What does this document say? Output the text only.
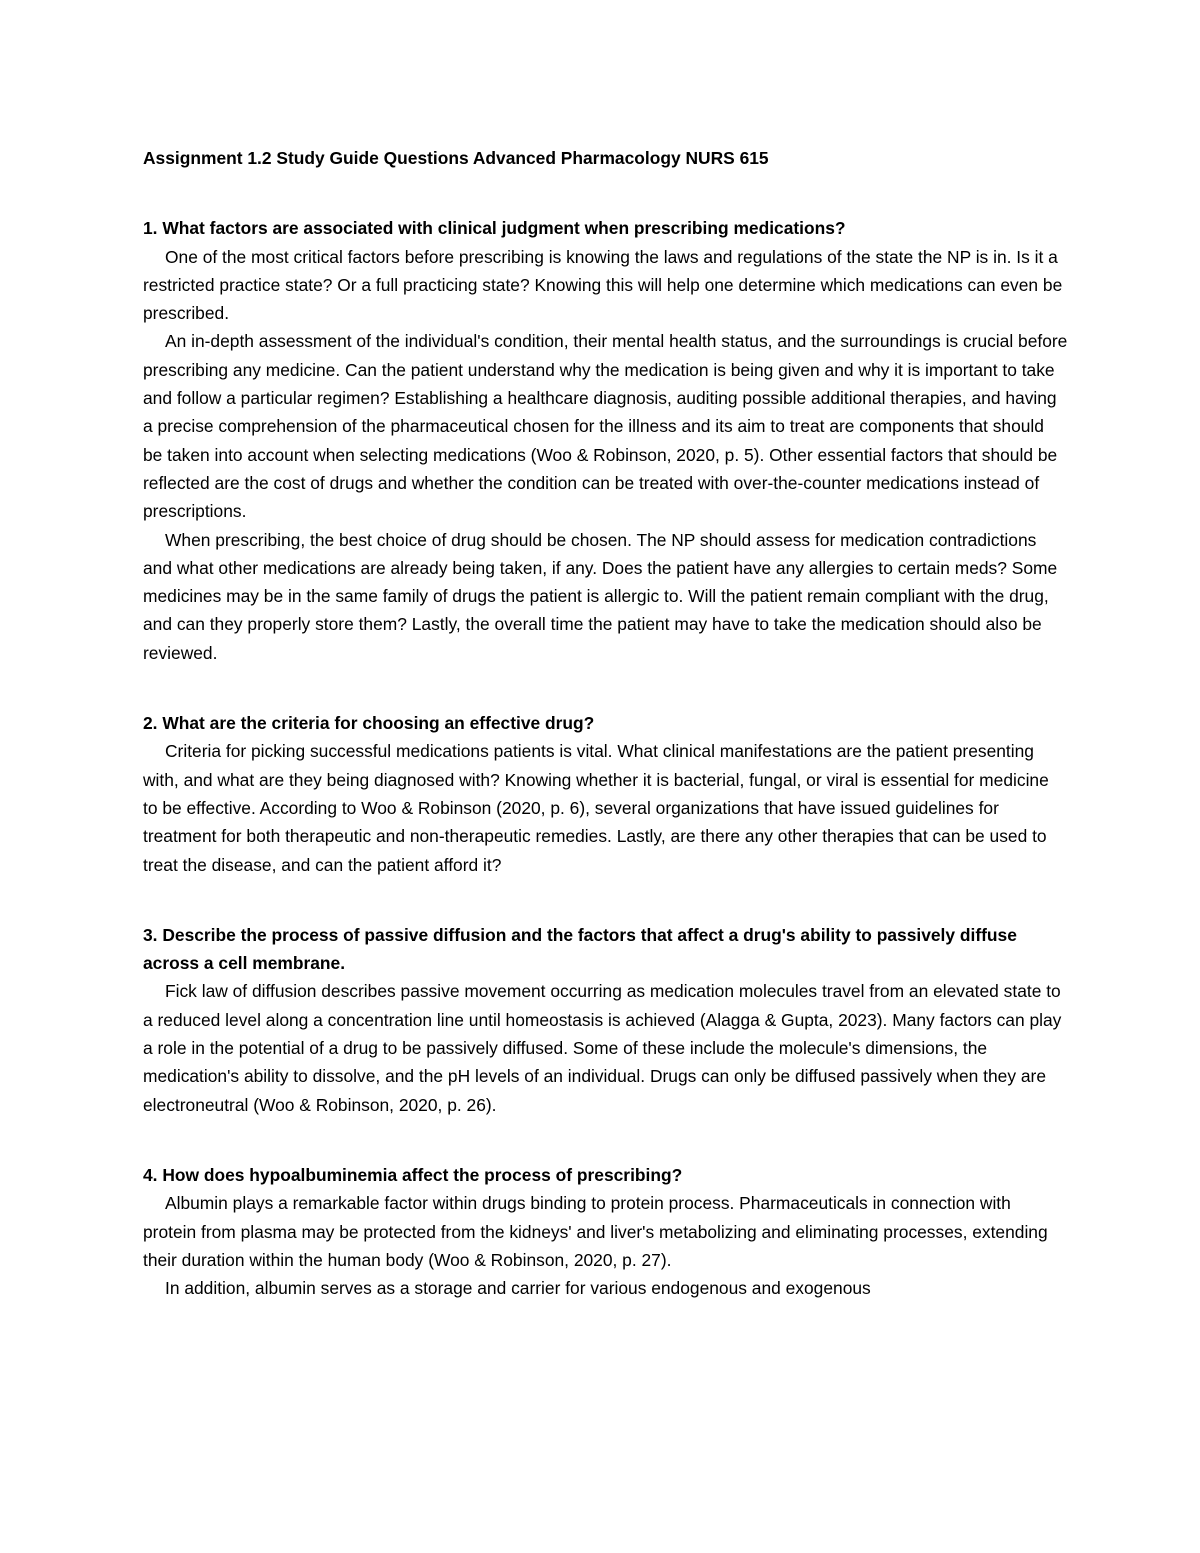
Assignment 1.2 Study Guide Questions Advanced Pharmacology NURS 615

1. What factors are associated with clinical judgment when prescribing medications?

One of the most critical factors before prescribing is knowing the laws and regulations of the state the NP is in. Is it a restricted practice state? Or a full practicing state? Knowing this will help one determine which medications can even be prescribed.

An in-depth assessment of the individual's condition, their mental health status, and the surroundings is crucial before prescribing any medicine. Can the patient understand why the medication is being given and why it is important to take and follow a particular regimen? Establishing a healthcare diagnosis, auditing possible additional therapies, and having a precise comprehension of the pharmaceutical chosen for the illness and its aim to treat are components that should be taken into account when selecting medications (Woo & Robinson, 2020, p. 5). Other essential factors that should be reflected are the cost of drugs and whether the condition can be treated with over-the-counter medications instead of prescriptions.

When prescribing, the best choice of drug should be chosen. The NP should assess for medication contradictions and what other medications are already being taken, if any. Does the patient have any allergies to certain meds? Some medicines may be in the same family of drugs the patient is allergic to. Will the patient remain compliant with the drug, and can they properly store them? Lastly, the overall time the patient may have to take the medication should also be reviewed.

2. What are the criteria for choosing an effective drug?

Criteria for picking successful medications patients is vital. What clinical manifestations are the patient presenting with, and what are they being diagnosed with? Knowing whether it is bacterial, fungal, or viral is essential for medicine to be effective. According to Woo & Robinson (2020, p. 6), several organizations that have issued guidelines for treatment for both therapeutic and non-therapeutic remedies. Lastly, are there any other therapies that can be used to treat the disease, and can the patient afford it?

3. Describe the process of passive diffusion and the factors that affect a drug's ability to passively diffuse across a cell membrane.

Fick law of diffusion describes passive movement occurring as medication molecules travel from an elevated state to a reduced level along a concentration line until homeostasis is achieved (Alagga & Gupta, 2023). Many factors can play a role in the potential of a drug to be passively diffused. Some of these include the molecule's dimensions, the medication's ability to dissolve, and the pH levels of an individual. Drugs can only be diffused passively when they are electroneutral (Woo & Robinson, 2020, p. 26).

4. How does hypoalbuminemia affect the process of prescribing?

Albumin plays a remarkable factor within drugs binding to protein process. Pharmaceuticals in connection with protein from plasma may be protected from the kidneys' and liver's metabolizing and eliminating processes, extending their duration within the human body (Woo & Robinson, 2020, p. 27).

In addition, albumin serves as a storage and carrier for various endogenous and exogenous
